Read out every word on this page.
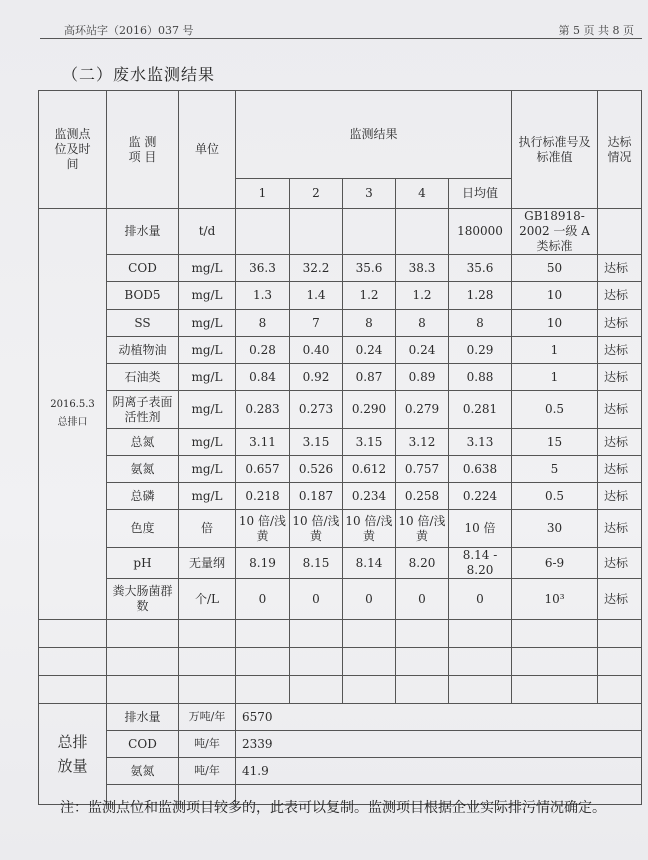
高环站字（2016）037 号	第 5 页 共 8 页
（二）废水监测结果
监测点位及时间	监 测 项 目	单位	监测结果					执行标准号及标准值	达标情况
			1	2	3	4	日均值		

2016.5.3
总排口	排水量	t/d					180000	GB18918-2002 一级 A 类标准	
	COD	mg/L	36.3	32.2	35.6	38.3	35.6	50	达标
	BOD5	mg/L	1.3	1.4	1.2	1.2	1.28	10	达标
	SS	mg/L	8	7	8	8	8	10	达标
	动植物油	mg/L	0.28	0.40	0.24	0.24	0.29	1	达标
	石油类	mg/L	0.84	0.92	0.87	0.89	0.88	1	达标
	阴离子表面活性剂	mg/L	0.283	0.273	0.290	0.279	0.281	0.5	达标
	总氮	mg/L	3.11	3.15	3.15	3.12	3.13	15	达标
	氨氮	mg/L	0.657	0.526	0.612	0.757	0.638	5	达标
	总磷	mg/L	0.218	0.187	0.234	0.258	0.224	0.5	达标
	色度	倍	10 倍/浅黄	10 倍/浅黄	10 倍/浅黄	10 倍/浅黄	10 倍	30	达标
	pH	无量纲	8.19	8.15	8.14	8.20	8.14 - 8.20	6-9	达标
	粪大肠菌群数	个/L	0	0	0	0	0	10³	达标

总排放量	排水量	万吨/年	6570						
	COD	吨/年	2339						
	氨氮	吨/年	41.9						

注：监测点位和监测项目较多的，此表可以复制。监测项目根据企业实际排污情况确定。
